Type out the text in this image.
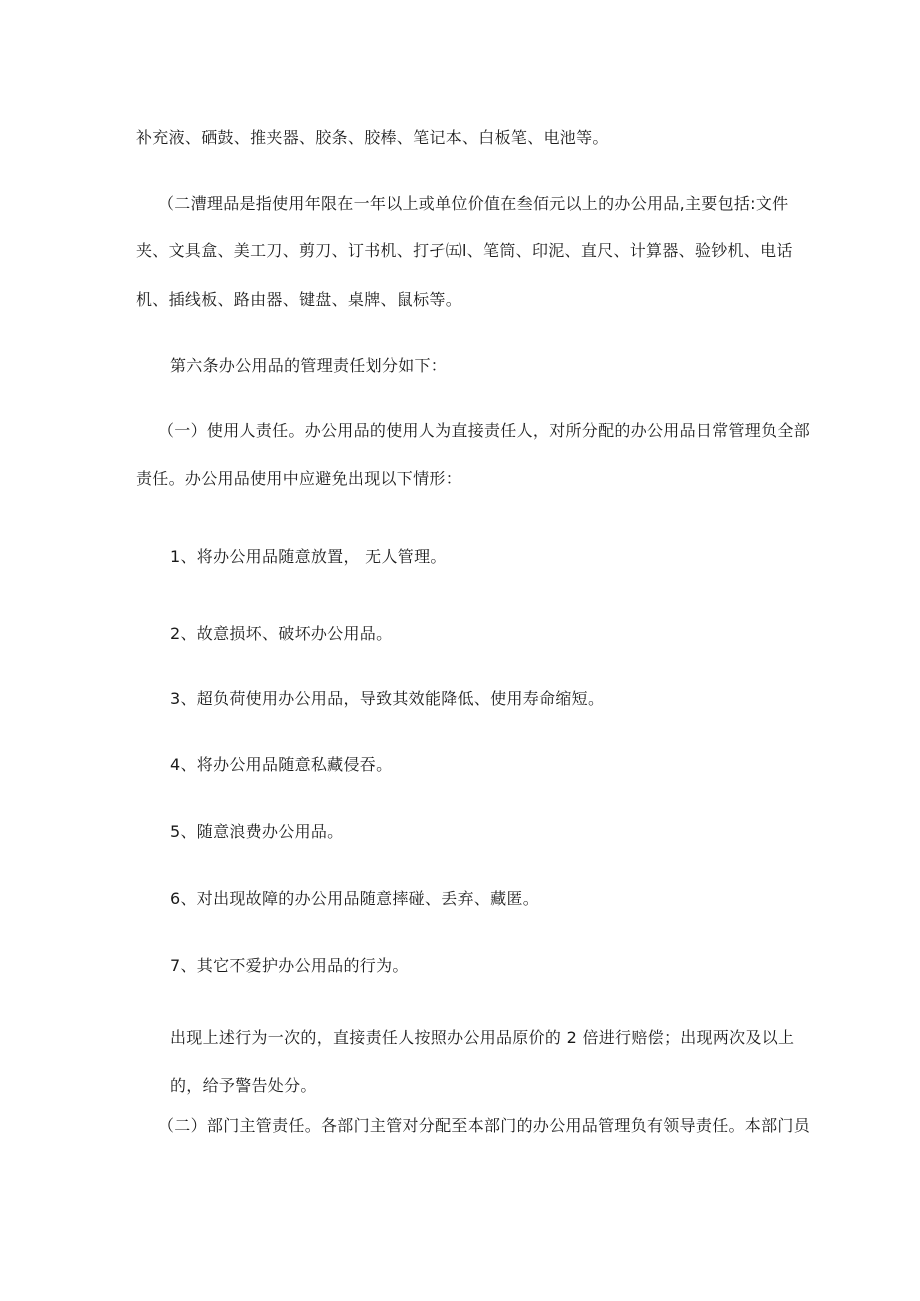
补充液、硒鼓、推夹器、胶条、胶棒、笔记本、白板笔、电池等。

（二漕理品是指使用年限在一年以上或单位价值在叁佰元以上的办公用品,主要包括:文件

夹、文具盒、美工刀、剪刀、订书机、打孑㈤l、笔筒、印泥、直尺、计算器、验钞机、电话

机、插线板、路由器、键盘、桌牌、鼠标等。

第六条办公用品的管理责任划分如下：

（一）使用人责任。办公用品的使用人为直接责任人，对所分配的办公用品日常管理负全部

责任。办公用品使用中应避免出现以下情形：

1、将办公用品随意放置， 无人管理。

2、故意损坏、破坏办公用品。

3、超负荷使用办公用品，导致其效能降低、使用寿命缩短。

4、将办公用品随意私藏侵吞。

5、随意浪费办公用品。

6、对出现故障的办公用品随意摔碰、丢弃、藏匿。

7、其它不爱护办公用品的行为。

出现上述行为一次的，直接责任人按照办公用品原价的 2 倍进行赔偿；出现两次及以上

的，给予警告处分。

（二）部门主管责任。各部门主管对分配至本部门的办公用品管理负有领导责任。本部门员
